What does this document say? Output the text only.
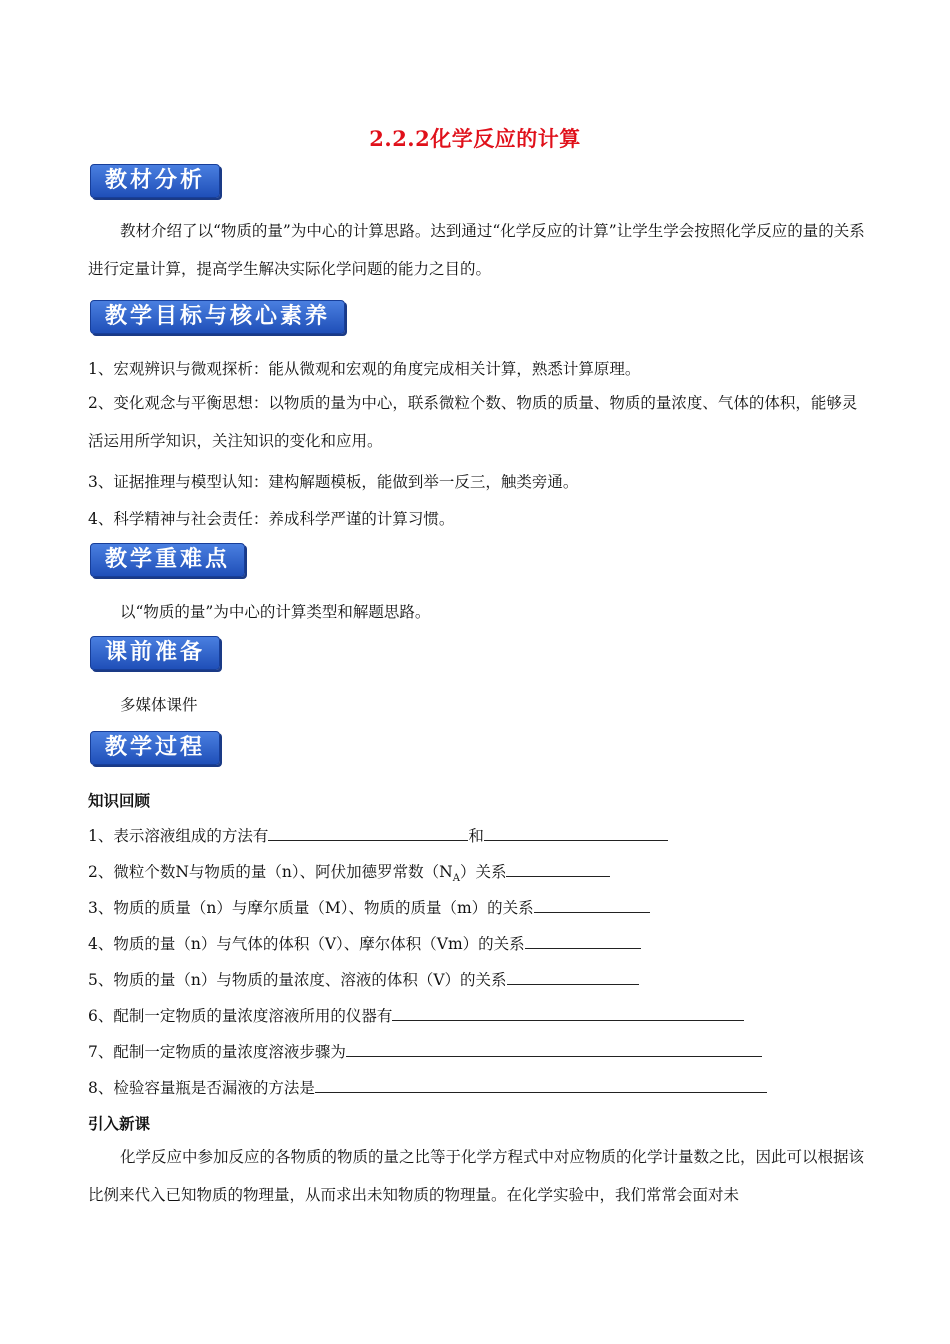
2.2.2化学反应的计算
教材分析
教材介绍了以“物质的量”为中心的计算思路。达到通过“化学反应的计算”让学生学会按照化学反应的量的关系进行定量计算，提高学生解决实际化学问题的能力之目的。
教学目标与核心素养
1、宏观辨识与微观探析：能从微观和宏观的角度完成相关计算，熟悉计算原理。
2、变化观念与平衡思想：以物质的量为中心，联系微粒个数、物质的质量、物质的量浓度、气体的体积，能够灵活运用所学知识，关注知识的变化和应用。
3、证据推理与模型认知：建构解题模板，能做到举一反三，触类旁通。
4、科学精神与社会责任：养成科学严谨的计算习惯。
教学重难点
以“物质的量”为中心的计算类型和解题思路。
课前准备
多媒体课件
教学过程
知识回顾
1、表示溶液组成的方法有	和
2、微粒个数N与物质的量（n）、阿伏加德罗常数$(N_A)$关系
3、物质的质量（n）与摩尔质量（M）、物质的质量（m）的关系
4、物质的量（n）与气体的体积（V）、摩尔体积（Vm）的关系
5、物质的量（n）与物质的量浓度、溶液的体积（V）的关系
6、配制一定物质的量浓度溶液所用的仪器有
7、配制一定物质的量浓度溶液步骤为
8、检验容量瓶是否漏液的方法是
引入新课
化学反应中参加反应的各物质的物质的量之比等于化学方程式中对应物质的化学计量数之比，因此可以根据该比例来代入已知物质的物理量，从而求出未知物质的物理量。在化学实验中，我们常常会面对未
